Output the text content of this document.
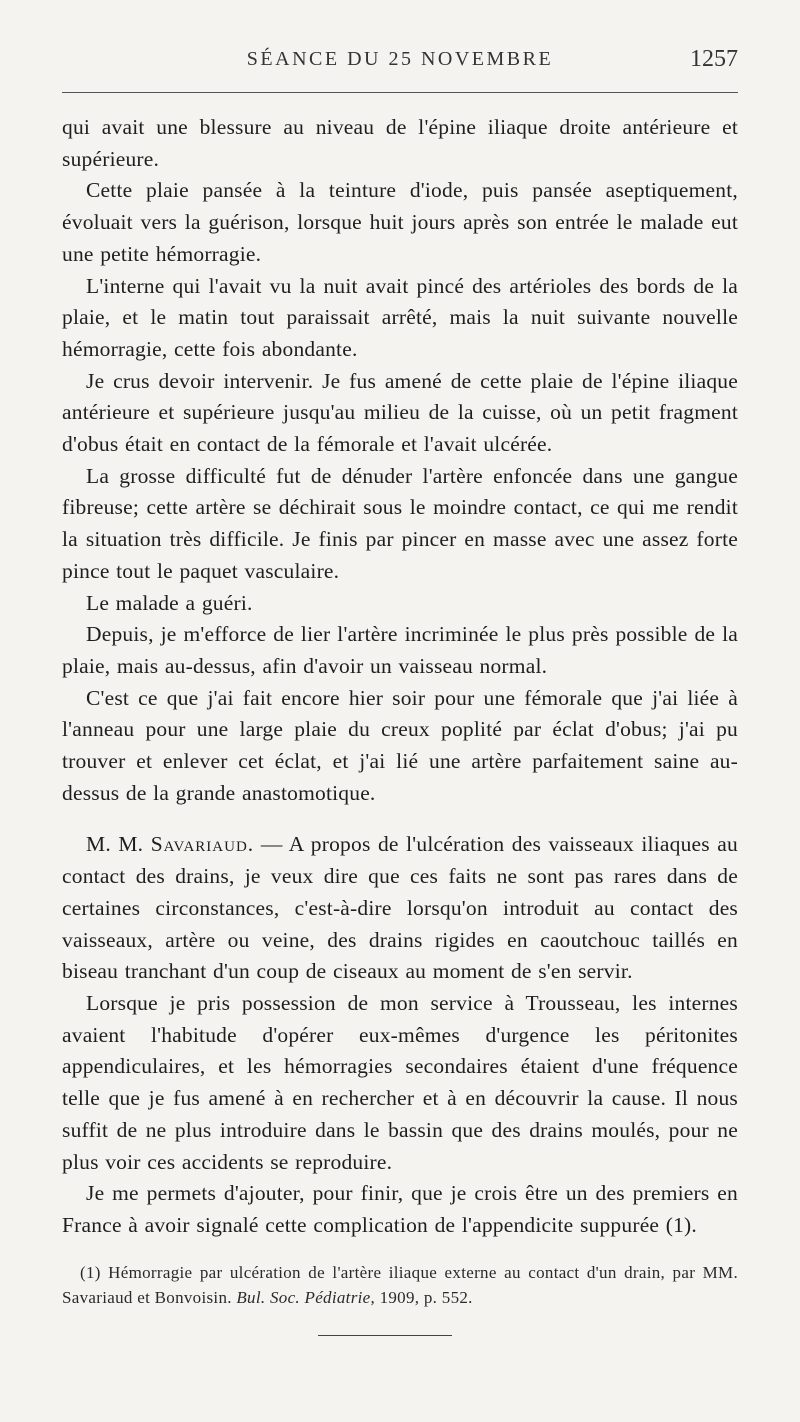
SÉANCE DU 25 NOVEMBRE	1257

qui avait une blessure au niveau de l'épine iliaque droite antérieure et supérieure.

Cette plaie pansée à la teinture d'iode, puis pansée aseptiquement, évoluait vers la guérison, lorsque huit jours après son entrée le malade eut une petite hémorragie.

L'interne qui l'avait vu la nuit avait pincé des artérioles des bords de la plaie, et le matin tout paraissait arrêté, mais la nuit suivante nouvelle hémorragie, cette fois abondante.

Je crus devoir intervenir. Je fus amené de cette plaie de l'épine iliaque antérieure et supérieure jusqu'au milieu de la cuisse, où un petit fragment d'obus était en contact de la fémorale et l'avait ulcérée.

La grosse difficulté fut de dénuder l'artère enfoncée dans une gangue fibreuse; cette artère se déchirait sous le moindre contact, ce qui me rendit la situation très difficile. Je finis par pincer en masse avec une assez forte pince tout le paquet vasculaire.

Le malade a guéri.

Depuis, je m'efforce de lier l'artère incriminée le plus près possible de la plaie, mais au-dessus, afin d'avoir un vaisseau normal.

C'est ce que j'ai fait encore hier soir pour une fémorale que j'ai liée à l'anneau pour une large plaie du creux poplité par éclat d'obus; j'ai pu trouver et enlever cet éclat, et j'ai lié une artère parfaitement saine au-dessus de la grande anastomotique.

M. M. Savariaud. — A propos de l'ulcération des vaisseaux iliaques au contact des drains, je veux dire que ces faits ne sont pas rares dans de certaines circonstances, c'est-à-dire lorsqu'on introduit au contact des vaisseaux, artère ou veine, des drains rigides en caoutchouc taillés en biseau tranchant d'un coup de ciseaux au moment de s'en servir.

Lorsque je pris possession de mon service à Trousseau, les internes avaient l'habitude d'opérer eux-mêmes d'urgence les péritonites appendiculaires, et les hémorragies secondaires étaient d'une fréquence telle que je fus amené à en rechercher et à en découvrir la cause. Il nous suffit de ne plus introduire dans le bassin que des drains moulés, pour ne plus voir ces accidents se reproduire.

Je me permets d'ajouter, pour finir, que je crois être un des premiers en France à avoir signalé cette complication de l'appendicite suppurée (1).

(1) Hémorragie par ulcération de l'artère iliaque externe au contact d'un drain, par MM. Savariaud et Bonvoisin. Bul. Soc. Pédiatrie, 1909, p. 552.
